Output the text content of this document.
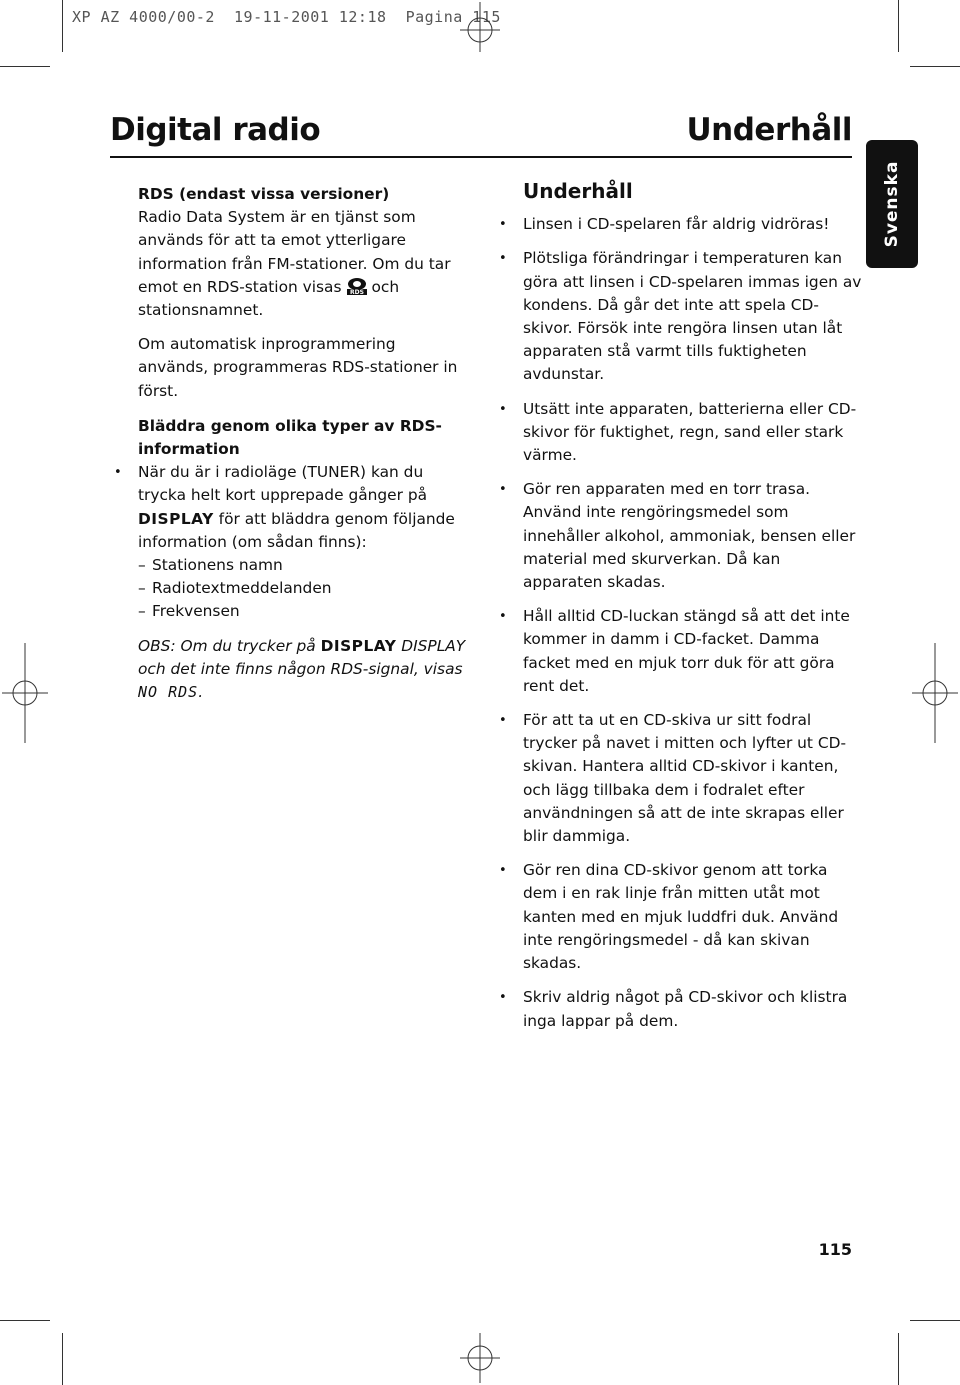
XP AZ 4000/00-2  19-11-2001 12:18  Pagina 115
Digital radio	Underhåll
Svenska

RDS (endast vissa versioner)

Radio Data System är en tjänst som används för att ta emot ytterligare information från FM-stationer. Om du tar emot en RDS-station visas RDS och stationsnamnet.

Om automatisk inprogrammering används, programmeras RDS-stationer in först.

Bläddra genom olika typer av RDS-information

• När du är i radioläge (TUNER) kan du trycka helt kort upprepade gånger på DISPLAY för att bläddra genom följande information (om sådan finns):
– Stationens namn
– Radiotextmeddelanden
– Frekvensen

OBS: Om du trycker på DISPLAY DISPLAY och det inte finns någon RDS-signal, visas NO RDS.

Underhåll
• Linsen i CD-spelaren får aldrig vidröras!
• Plötsliga förändringar i temperaturen kan göra att linsen i CD-spelaren immas igen av kondens. Då går det inte att spela CD-skivor. Försök inte rengöra linsen utan låt apparaten stå varmt tills fuktigheten avdunstar.
• Utsätt inte apparaten, batterierna eller CD-skivor för fuktighet, regn, sand eller stark värme.
• Gör ren apparaten med en torr trasa. Använd inte rengöringsmedel som innehåller alkohol, ammoniak, bensen eller material med skurverkan. Då kan apparaten skadas.
• Håll alltid CD-luckan stängd så att det inte kommer in damm i CD-facket. Damma facket med en mjuk torr duk för att göra rent det.
• För att ta ut en CD-skiva ur sitt fodral trycker på navet i mitten och lyfter ut CD-skivan. Hantera alltid CD-skivor i kanten, och lägg tillbaka dem i fodralet efter användningen så att de inte skrapas eller blir dammiga.
• Gör ren dina CD-skivor genom att torka dem i en rak linje från mitten utåt mot kanten med en mjuk luddfri duk. Använd inte rengöringsmedel - då kan skivan skadas.
• Skriv aldrig något på CD-skivor och klistra inga lappar på dem.
115
